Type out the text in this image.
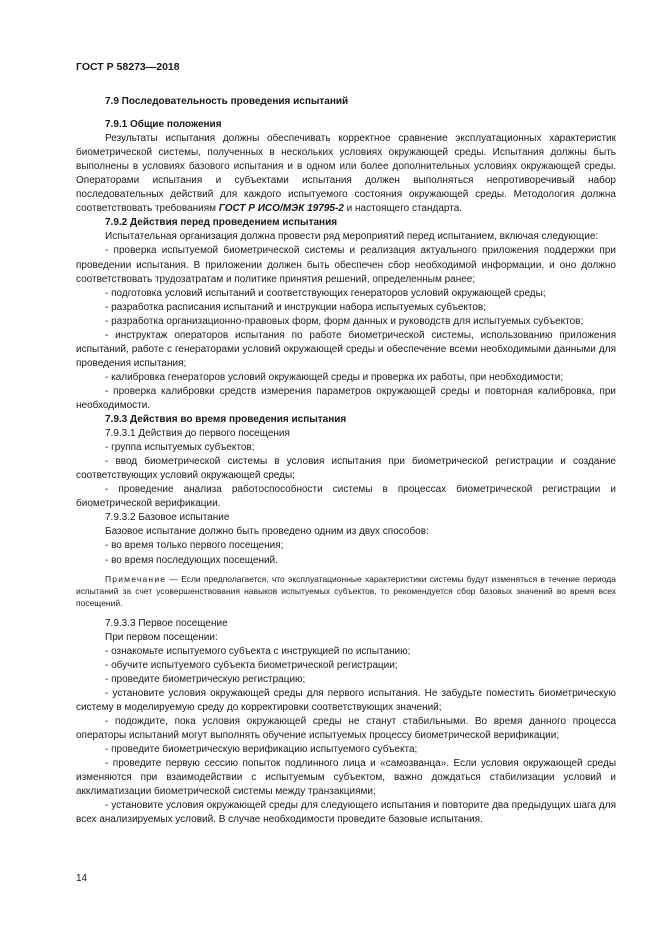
ГОСТ Р 58273—2018
7.9 Последовательность проведения испытаний
7.9.1 Общие положения

Результаты испытания должны обеспечивать корректное сравнение эксплуатационных характеристик биометрической системы, полученных в нескольких условиях окружающей среды. Испытания должны быть выполнены в условиях базового испытания и в одном или более дополнительных условиях окружающей среды. Операторами испытания и субъектами испытания должен выполняться непротиворечивый набор последовательных действий для каждого испытуемого состояния окружающей среды. Методология должна соответствовать требованиям ГОСТ Р ИСО/МЭК 19795-2 и настоящего стандарта.

7.9.2 Действия перед проведением испытания

Испытательная организация должна провести ряд мероприятий перед испытанием, включая следующие:

- проверка испытуемой биометрической системы и реализация актуального приложения поддержки при проведении испытания. В приложении должен быть обеспечен сбор необходимой информации, и оно должно соответствовать трудозатратам и политике принятия решений, определенным ранее;

- подготовка условий испытаний и соответствующих генераторов условий окружающей среды;

- разработка расписания испытаний и инструкции набора испытуемых субъектов;

- разработка организационно-правовых форм, форм данных и руководств для испытуемых субъектов;

- инструктаж операторов испытания по работе биометрической системы, использованию приложения испытаний, работе с генераторами условий окружающей среды и обеспечение всеми необходимыми данными для проведения испытания;

- калибровка генераторов условий окружающей среды и проверка их работы, при необходимости;

- проверка калибровки средств измерения параметров окружающей среды и повторная калибровка, при необходимости.

7.9.3 Действия во время проведения испытания
7.9.3.1 Действия до первого посещения

- группа испытуемых субъектов;

- ввод биометрической системы в условия испытания при биометрической регистрации и создание соответствующих условий окружающей среды;

- проведение анализа работоспособности системы в процессах биометрической регистрации и биометрической верификации.

7.9.3.2 Базовое испытание

Базовое испытание должно быть проведено одним из двух способов:

- во время только первого посещения;

- во время последующих посещений.

Примечание — Если предполагается, что эксплуатационные характеристики системы будут изменяться в течение периода испытаний за счет усовершенствования навыков испытуемых субъектов, то рекомендуется сбор базовых значений во время всех посещений.

7.9.3.3 Первое посещение

При первом посещении:

- ознакомьте испытуемого субъекта с инструкцией по испытанию;

- обучите испытуемого субъекта биометрической регистрации;

- проведите биометрическую регистрацию;

- установите условия окружающей среды для первого испытания. Не забудьте поместить биометрическую систему в моделируемую среду до корректировки соответствующих значений;

- подождите, пока условия окружающей среды не станут стабильными. Во время данного процесса операторы испытаний могут выполнять обучение испытуемых процессу биометрической верификации;

- проведите биометрическую верификацию испытуемого субъекта;

- проведите первую сессию попыток подлинного лица и «самозванца». Если условия окружающей среды изменяются при взаимодействии с испытуемым субъектом, важно дождаться стабилизации условий и акклиматизации биометрической системы между транзакциями;

- установите условия окружающей среды для следующего испытания и повторите два предыдущих шага для всех анализируемых условий. В случае необходимости проведите базовые испытания.

14
